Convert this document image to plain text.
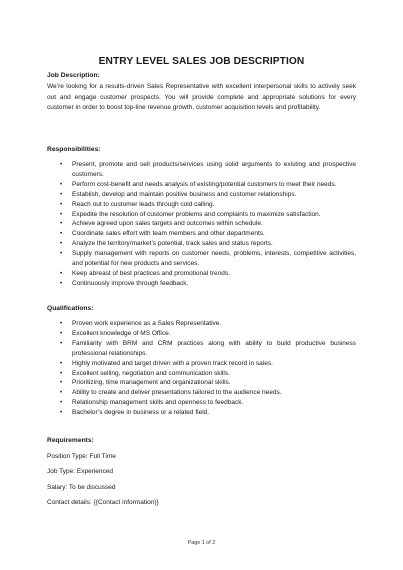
ENTRY LEVEL SALES JOB DESCRIPTION
Job Description:

We’re looking for a results-driven Sales Representative with excellent interpersonal skills to actively seek out and engage customer prospects. You will provide complete and appropriate solutions for every customer in order to boost top-line revenue growth, customer acquisition levels and profitability.

Responsibilities:
• Present, promote and sell products/services using solid arguments to existing and prospective customers.
• Perform cost-benefit and needs analysis of existing/potential customers to meet their needs.
• Establish, develop and maintain positive business and customer relationships.
• Reach out to customer leads through cold calling.
• Expedite the resolution of customer problems and complaints to maximize satisfaction.
• Achieve agreed upon sales targets and outcomes within schedule.
• Coordinate sales effort with team members and other departments.
• Analyze the territory/market’s potential, track sales and status reports.
• Supply management with reports on customer needs, problems, interests, competitive activities, and potential for new products and services.
• Keep abreast of best practices and promotional trends.
• Continuously improve through feedback.
Qualifications:
• Proven work experience as a Sales Representative.
• Excellent knowledge of MS Office.
• Familiarity with BRM and CRM practices along with ability to build productive business professional relationships.
• Highly motivated and target driven with a proven track record in sales.
• Excellent selling, negotiation and communication skills.
• Prioritizing, time management and organizational skills.
• Ability to create and deliver presentations tailored to the audience needs.
• Relationship management skills and openness to feedback.
• Bachelor’s degree in business or a related field.
Requirements:
Position Type: Full Time
Job Type: Experienced
Salary: To be discussed
Contact details: {{Contact information}}
Page 1 of 2
